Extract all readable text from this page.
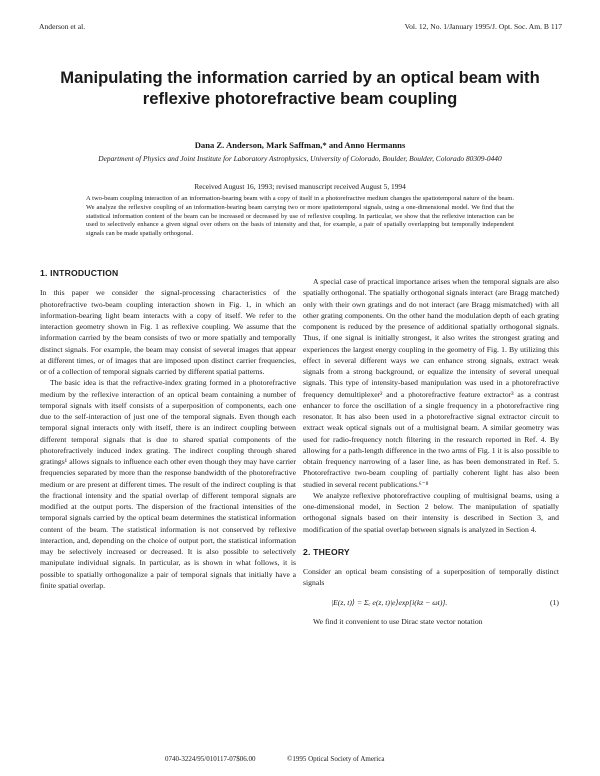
Anderson et al.	Vol. 12, No. 1/January 1995/J. Opt. Soc. Am. B 117
Manipulating the information carried by an optical beam with reflexive photorefractive beam coupling
Dana Z. Anderson, Mark Saffman,* and Anno Hermanns
Department of Physics and Joint Institute for Laboratory Astrophysics, University of Colorado, Boulder, Boulder, Colorado 80309-0440
Received August 16, 1993; revised manuscript received August 5, 1994

A two-beam coupling interaction of an information-bearing beam with a copy of itself in a photorefractive medium changes the spatiotemporal nature of the beam. We analyze the reflexive coupling of an information-bearing beam carrying two or more spatiotemporal signals, using a one-dimensional model. We find that the statistical information content of the beam can be increased or decreased by use of reflexive coupling. In particular, we show that the reflexive interaction can be used to selectively enhance a given signal over others on the basis of intensity and that, for example, a pair of spatially overlapping but temporally independent signals can be made spatially orthogonal.

1. INTRODUCTION

In this paper we consider the signal-processing characteristics of the photorefractive two-beam coupling interaction shown in Fig. 1, in which an information-bearing light beam interacts with a copy of itself. We refer to the interaction geometry shown in Fig. 1 as reflexive coupling. We assume that the information carried by the beam consists of two or more spatially and temporally distinct signals. For example, the beam may consist of several images that appear at different times, or of images that are imposed upon distinct carrier frequencies, or of a collection of temporal signals carried by different spatial patterns.

The basic idea is that the refractive-index grating formed in a photorefractive medium by the reflexive interaction of an optical beam containing a number of temporal signals with itself consists of a superposition of components, each one due to the self-interaction of just one of the temporal signals. Even though each temporal signal interacts only with itself, there is an indirect coupling between different temporal signals that is due to shared spatial components of the photorefractively induced index grating. The indirect coupling through shared gratings¹ allows signals to influence each other even though they may have carrier frequencies separated by more than the response bandwidth of the photorefractive medium or are present at different times. The result of the indirect coupling is that the fractional intensity and the spatial overlap of different temporal signals are modified at the output ports. The dispersion of the fractional intensities of the temporal signals carried by the optical beam determines the statistical information content of the beam. The statistical information is not conserved by reflexive interaction, and, depending on the choice of output port, the statistical information may be selectively increased or decreased. It is also possible to selectively manipulate individual signals. In particular, as is shown in what follows, it is possible to spatially orthogonalize a pair of temporal signals that initially have a finite spatial overlap.

A special case of practical importance arises when the temporal signals are also spatially orthogonal. The spatially orthogonal signals interact (are Bragg matched) only with their own gratings and do not interact (are Bragg mismatched) with all other grating components. On the other hand the modulation depth of each grating component is reduced by the presence of additional spatially orthogonal signals. Thus, if one signal is initially strongest, it also writes the strongest grating and experiences the largest energy coupling in the geometry of Fig. 1. By utilizing this effect in several different ways we can enhance strong signals, extract weak signals from a strong background, or equalize the intensity of several unequal signals. This type of intensity-based manipulation was used in a photorefractive frequency demultiplexer² and a photorefractive feature extractor³ as a contrast enhancer to force the oscillation of a single frequency in a photorefractive ring resonator. It has also been used in a photorefractive signal extractor circuit to extract weak optical signals out of a multisignal beam. A similar geometry was used for radio-frequency notch filtering in the research reported in Ref. 4. By allowing for a path-length difference in the two arms of Fig. 1 it is also possible to obtain frequency narrowing of a laser line, as has been demonstrated in Ref. 5. Photorefractive two-beam coupling of partially coherent light has also been studied in several recent publications.⁶⁻⁸

We analyze reflexive photorefractive coupling of multisignal beams, using a one-dimensional model, in Section 2 below. The manipulation of spatially orthogonal signals based on their intensity is described in Section 3, and modification of the spatial overlap between signals is analyzed in Section 4.

2. THEORY

Consider an optical beam consisting of a superposition of temporally distinct signals

|E(z, t)⟩ = Σₑ e(z, t)|e⟩exp[i(kz − ωt)].	(1)

We find it convenient to use Dirac state vector notation

0740-3224/95/010117-07$06.00	©1995 Optical Society of America
